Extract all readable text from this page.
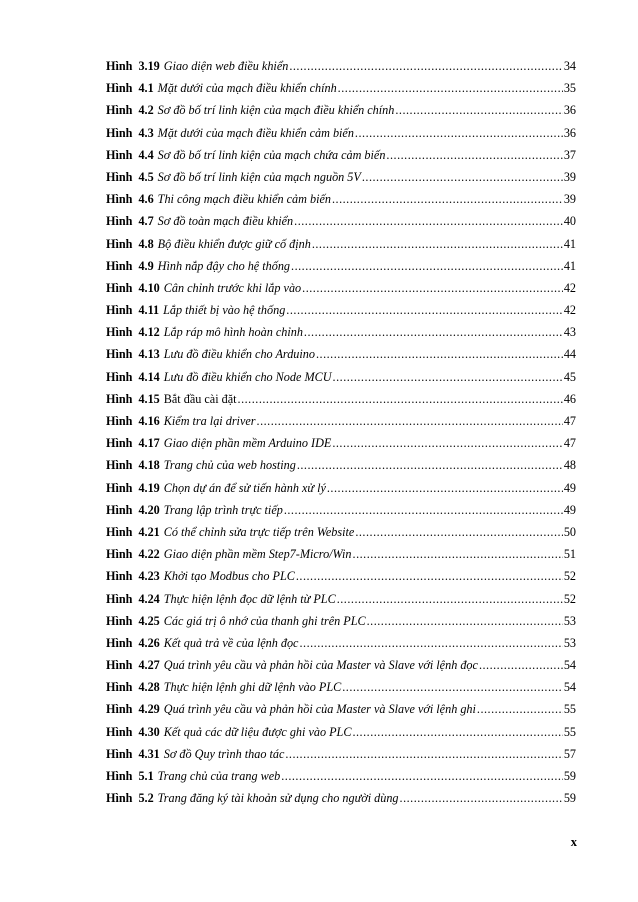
Hình 3.19 Giao diện web điều khiển .....	34
Hình 4.1 Mặt dưới của mạch điều khiển chính .....	35
Hình 4.2 Sơ đồ bố trí linh kiện của mạch điều khiển chính .....	36
Hình 4.3 Mặt dưới của mạch điều khiển cảm biến .....	36
Hình 4.4 Sơ đồ bố trí linh kiện của mạch chứa cảm biến .....	37
Hình 4.5 Sơ đồ bố trí linh kiện của mạch nguồn 5V .....	39
Hình 4.6 Thi công mạch điều khiển cảm biến .....	39
Hình 4.7 Sơ đồ toàn mạch điều khiển .....	40
Hình 4.8 Bộ điều khiển được giữ cố định .....	41
Hình 4.9 Hình nắp đậy cho hệ thống .....	41
Hình 4.10 Cân chỉnh trước khi lắp vào .....	42
Hình 4.11 Lắp thiết bị vào hệ thống .....	42
Hình 4.12 Lắp ráp mô hình hoàn chỉnh .....	43
Hình 4.13 Lưu đồ điều khiển cho Arduino .....	44
Hình 4.14 Lưu đồ điều khiển cho Node MCU .....	45
Hình 4.15 Bắt đầu cài đặt .....	46
Hình 4.16 Kiểm tra lại driver .....	47
Hình 4.17 Giao diện phần mềm Arduino IDE .....	47
Hình 4.18 Trang chủ của web hosting .....	48
Hình 4.19 Chọn dự án để sử tiến hành xử lý .....	49
Hình 4.20 Trang lập trình trực tiếp .....	49
Hình 4.21 Có thể chỉnh sửa trực tiếp trên Website .....	50
Hình 4.22 Giao diện phần mềm Step7-Micro/Win .....	51
Hình 4.23 Khởi tạo Modbus cho PLC .....	52
Hình 4.24 Thực hiện lệnh đọc dữ lệnh từ PLC .....	52
Hình 4.25 Các giá trị ô nhớ của thanh ghi trên PLC .....	53
Hình 4.26 Kết quả trả về của lệnh đọc .....	53
Hình 4.27 Quá trình yêu cầu và phản hồi của Master và Slave với lệnh đọc .....	54
Hình 4.28 Thực hiện lệnh ghi dữ lệnh vào PLC .....	54
Hình 4.29 Quá trình yêu cầu và phản hồi của Master và Slave với lệnh ghi .....	55
Hình 4.30 Kết quả các dữ liệu được ghi vào PLC .....	55
Hình 4.31 Sơ đồ Quy trình thao tác .....	57
Hình 5.1 Trang chủ của trang web .....	59
Hình 5.2 Trang đăng ký tài khoản sử dụng cho người dùng .....	59
x
